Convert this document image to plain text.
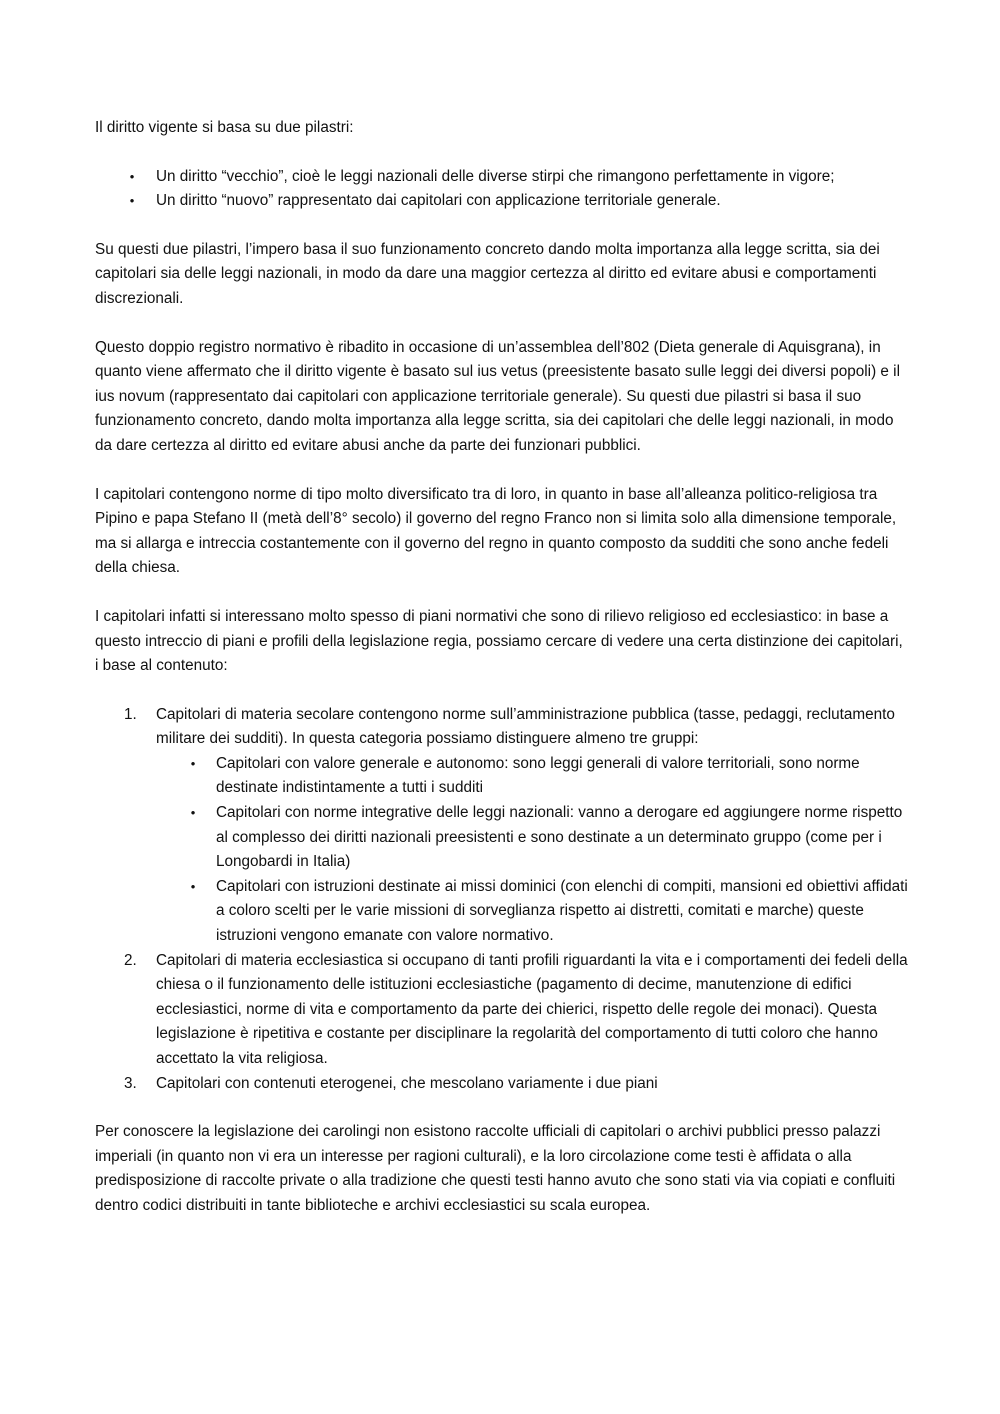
Il diritto vigente si basa su due pilastri:

•	Un diritto “vecchio”, cioè le leggi nazionali delle diverse stirpi che rimangono perfettamente in vigore;
•	Un diritto “nuovo” rappresentato dai capitolari con applicazione territoriale generale.

Su questi due pilastri, l’impero basa il suo funzionamento concreto dando molta importanza alla legge scritta, sia dei capitolari sia delle leggi nazionali, in modo da dare una maggior certezza al diritto ed evitare abusi e comportamenti discrezionali.

Questo doppio registro normativo è ribadito in occasione di un’assemblea dell’802 (Dieta generale di Aquisgrana), in quanto viene affermato che il diritto vigente è basato sul ius vetus (preesistente basato sulle leggi dei diversi popoli) e il ius novum (rappresentato dai capitolari con applicazione territoriale generale). Su questi due pilastri si basa il suo funzionamento concreto, dando molta importanza alla legge scritta, sia dei capitolari che delle leggi nazionali, in modo da dare certezza al diritto ed evitare abusi anche da parte dei funzionari pubblici.

I capitolari contengono norme di tipo molto diversificato tra di loro, in quanto in base all’alleanza politico-religiosa tra Pipino e papa Stefano II (metà dell’8° secolo) il governo del regno Franco non si limita solo alla dimensione temporale, ma si allarga e intreccia costantemente con il governo del regno in quanto composto da sudditi che sono anche fedeli della chiesa.

I capitolari infatti si interessano molto spesso di piani normativi che sono di rilievo religioso ed ecclesiastico: in base a questo intreccio di piani e profili della legislazione regia, possiamo cercare di vedere una certa distinzione dei capitolari, i base al contenuto:

1. Capitolari di materia secolare contengono norme sull’amministrazione pubblica (tasse, pedaggi, reclutamento militare dei sudditi). In questa categoria possiamo distinguere almeno tre gruppi:
•	Capitolari con valore generale e autonomo: sono leggi generali di valore territoriali, sono norme destinate indistintamente a tutti i sudditi
•	Capitolari con norme integrative delle leggi nazionali: vanno a derogare ed aggiungere norme rispetto al complesso dei diritti nazionali preesistenti e sono destinate a un determinato gruppo (come per i Longobardi in Italia)
•	Capitolari con istruzioni destinate ai missi dominici (con elenchi di compiti, mansioni ed obiettivi affidati a coloro scelti per le varie missioni di sorveglianza rispetto ai distretti, comitati e marche) queste istruzioni vengono emanate con valore normativo.
2. Capitolari di materia ecclesiastica si occupano di tanti profili riguardanti la vita e i comportamenti dei fedeli della chiesa o il funzionamento delle istituzioni ecclesiastiche (pagamento di decime, manutenzione di edifici ecclesiastici, norme di vita e comportamento da parte dei chierici, rispetto delle regole dei monaci). Questa legislazione è ripetitiva e costante per disciplinare la regolarità del comportamento di tutti coloro che hanno accettato la vita religiosa.
3. Capitolari con contenuti eterogenei, che mescolano variamente i due piani

Per conoscere la legislazione dei carolingi non esistono raccolte ufficiali di capitolari o archivi pubblici presso palazzi imperiali (in quanto non vi era un interesse per ragioni culturali), e la loro circolazione come testi è affidata o alla predisposizione di raccolte private o alla tradizione che questi testi hanno avuto che sono stati via via copiati e confluiti dentro codici distribuiti in tante biblioteche e archivi ecclesiastici su scala europea.
